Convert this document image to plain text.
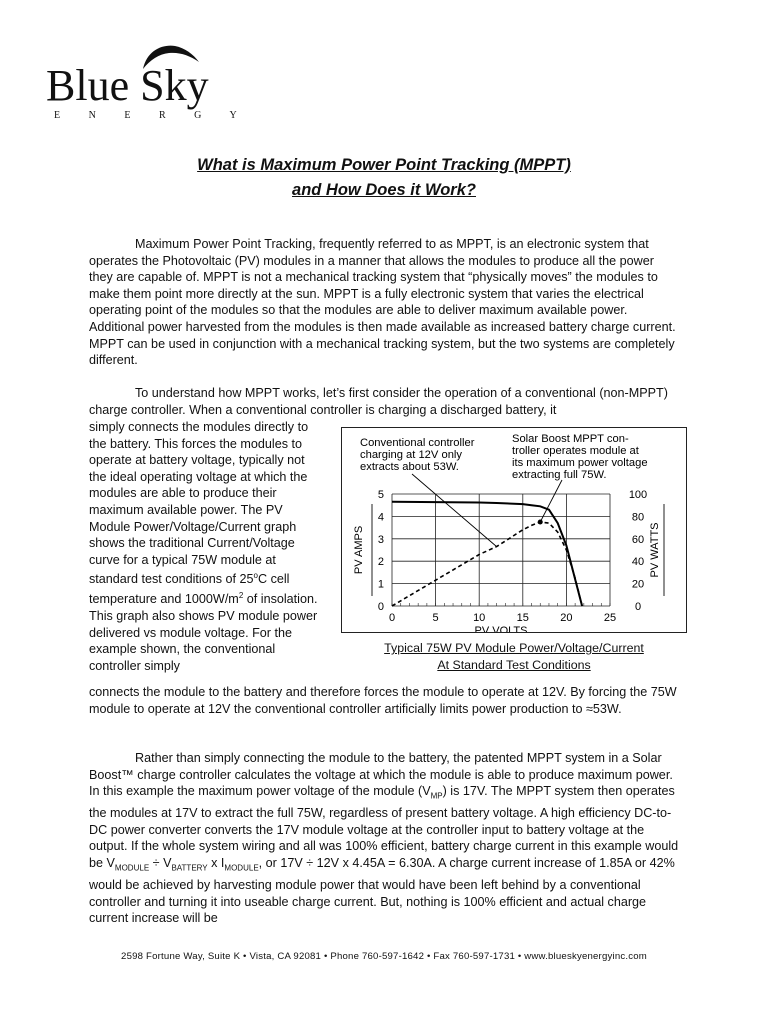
Blue Sky
E N E R G Y
What is Maximum Power Point Tracking (MPPT)
and How Does it Work?

Maximum Power Point Tracking, frequently referred to as MPPT, is an electronic system that operates the Photovoltaic (PV) modules in a manner that allows the modules to produce all the power they are capable of. MPPT is not a mechanical tracking system that “physically moves” the modules to make them point more directly at the sun. MPPT is a fully electronic system that varies the electrical operating point of the modules so that the modules are able to deliver maximum available power. Additional power harvested from the modules is then made available as increased battery charge current. MPPT can be used in conjunction with a mechanical tracking system, but the two systems are completely different.

To understand how MPPT works, let’s first consider the operation of a conventional (non-MPPT) charge controller. When a conventional controller is charging a discharged battery, it

simply connects the modules directly to the battery. This forces the modules to operate at battery voltage, typically not the ideal operating voltage at which the modules are able to produce their maximum available power. The PV Module Power/Voltage/Current graph shows the traditional Current/Voltage curve for a typical 75W module at standard test conditions of 25$^o$C cell temperature and $1000W/m^2$ of insolation. This graph also shows PV module power delivered vs module voltage. For the example shown, the conventional controller simply
0	5	10	15	20	25
0
1
2
3
4
5
0
20
40
60
80
100
PV VOLTS
PV AMPS	PV WATTS
Conventional controller
charging at 12V only
extracts about 53W.
Solar Boost MPPT con-
troller operates module at
its maximum power voltage
extracting full 75W.
Typical 75W PV Module Power/Voltage/Current
At Standard Test Conditions

connects the module to the battery and therefore forces the module to operate at 12V. By forcing the 75W module to operate at 12V the conventional controller artificially limits power production to ≈53W.

Rather than simply connecting the module to the battery, the patented MPPT system in a Solar Boost™ charge controller calculates the voltage at which the module is able to produce maximum power. In this example the maximum power voltage of the module $(V_{MP})$ is 17V. The MPPT system then operates the modules at 17V to extract the full 75W, regardless of present battery voltage. A high efficiency DC-to-DC power converter converts the 17V module voltage at the controller input to battery voltage at the output. If the whole system wiring and all was 100% efficient, battery charge current in this example would be $V_{MODULE} \div V_{BATTERY}$ x $I_{MODULE}$, or 17V ÷ 12V x 4.45A = 6.30A. A charge current increase of 1.85A or 42% would be achieved by harvesting module power that would have been left behind by a conventional controller and turning it into useable charge current. But, nothing is 100% efficient and actual charge current increase will be

2598 Fortune Way, Suite K • Vista, CA 92081 • Phone 760-597-1642 • Fax 760-597-1731 • www.blueskyenergyinc.com
